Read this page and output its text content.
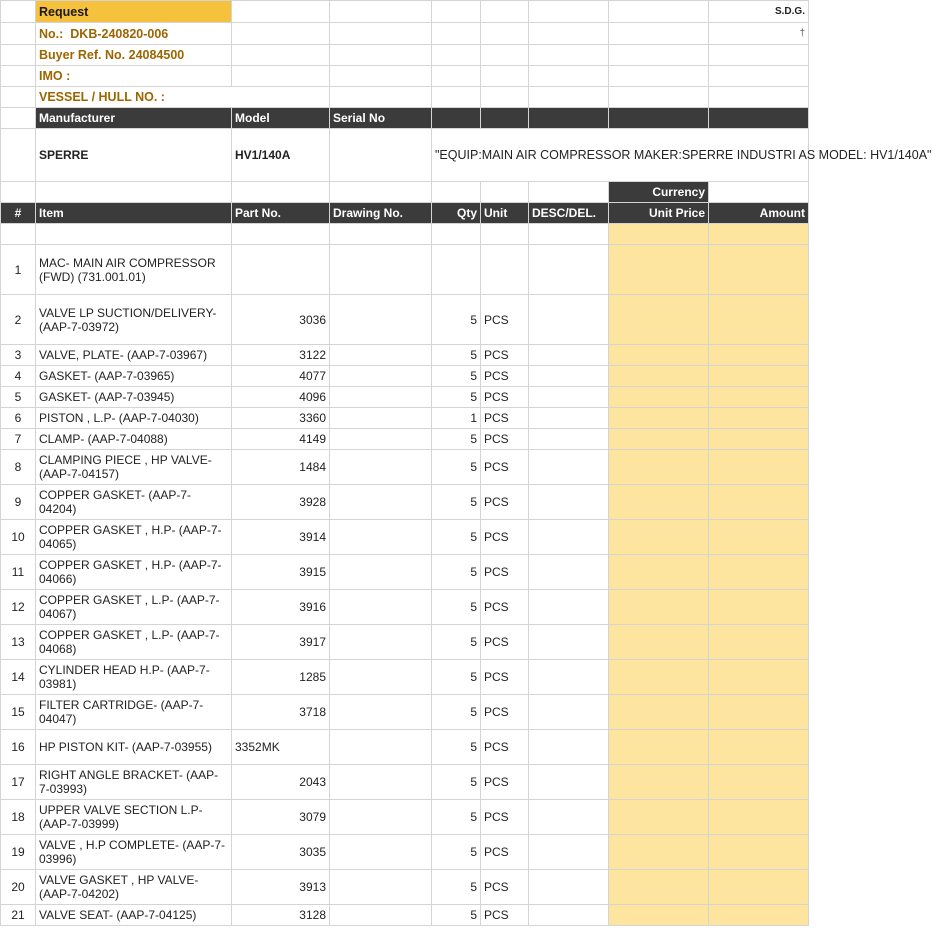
	Request							S.D.G.
	No.: DKB-240820-006							†
	Buyer Ref. No. 24084500							
	IMO :							
	VESSEL / HULL NO. :							
	Manufacturer	Model	Serial No					
	SPERRE	HV1/140A		"EQUIP:MAIN AIR COMPRESSOR MAKER:SPERRE INDUSTRI AS MODEL: HV1/140A"				
							Currency	
#	Item	Part No.	Drawing No.	Qty	Unit	DESC/DEL.	Unit Price	Amount

1	MAC- MAIN AIR COMPRESSOR (FWD) (731.001.01)							
2	VALVE LP SUCTION/DELIVERY- (AAP-7-03972)	3036		5	PCS			
3	VALVE, PLATE- (AAP-7-03967)	3122		5	PCS			
4	GASKET- (AAP-7-03965)	4077		5	PCS			
5	GASKET- (AAP-7-03945)	4096		5	PCS			
6	PISTON , L.P- (AAP-7-04030)	3360		1	PCS			
7	CLAMP- (AAP-7-04088)	4149		5	PCS			
8	CLAMPING PIECE , HP VALVE- (AAP-7-04157)	1484		5	PCS			
9	COPPER GASKET- (AAP-7-04204)	3928		5	PCS			
10	COPPER GASKET , H.P- (AAP-7-04065)	3914		5	PCS			
11	COPPER GASKET , H.P- (AAP-7-04066)	3915		5	PCS			
12	COPPER GASKET , L.P- (AAP-7-04067)	3916		5	PCS			
13	COPPER GASKET , L.P- (AAP-7-04068)	3917		5	PCS			
14	CYLINDER HEAD H.P- (AAP-7-03981)	1285		5	PCS			
15	FILTER CARTRIDGE- (AAP-7-04047)	3718		5	PCS			
16	HP PISTON KIT- (AAP-7-03955)	3352MK		5	PCS			
17	RIGHT ANGLE BRACKET- (AAP-7-03993)	2043		5	PCS			
18	UPPER VALVE SECTION L.P- (AAP-7-03999)	3079		5	PCS			
19	VALVE , H.P COMPLETE- (AAP-7-03996)	3035		5	PCS			
20	VALVE GASKET , HP VALVE- (AAP-7-04202)	3913		5	PCS			
21	VALVE SEAT- (AAP-7-04125)	3128		5	PCS			
